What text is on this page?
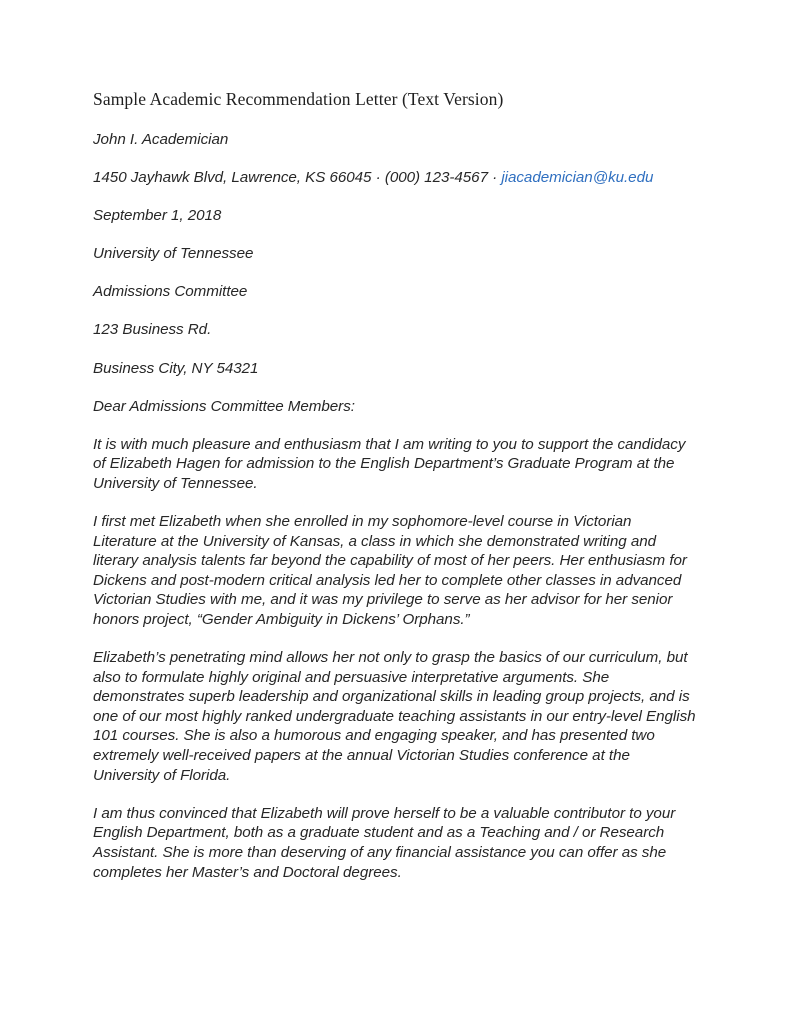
Sample Academic Recommendation Letter (Text Version)

John I. Academician

1450 Jayhawk Blvd, Lawrence, KS 66045 · (000) 123-4567 · jiacademician@ku.edu

September 1, 2018

University of Tennessee

Admissions Committee

123 Business Rd.

Business City, NY 54321

Dear Admissions Committee Members:

It is with much pleasure and enthusiasm that I am writing to you to support the candidacy of Elizabeth Hagen for admission to the English Department’s Graduate Program at the University of Tennessee.

I first met Elizabeth when she enrolled in my sophomore-level course in Victorian Literature at the University of Kansas, a class in which she demonstrated writing and literary analysis talents far beyond the capability of most of her peers. Her enthusiasm for Dickens and post-modern critical analysis led her to complete other classes in advanced Victorian Studies with me, and it was my privilege to serve as her advisor for her senior honors project, “Gender Ambiguity in Dickens’ Orphans.”

Elizabeth’s penetrating mind allows her not only to grasp the basics of our curriculum, but also to formulate highly original and persuasive interpretative arguments. She demonstrates superb leadership and organizational skills in leading group projects, and is one of our most highly ranked undergraduate teaching assistants in our entry-level English 101 courses. She is also a humorous and engaging speaker, and has presented two extremely well-received papers at the annual Victorian Studies conference at the University of Florida.

I am thus convinced that Elizabeth will prove herself to be a valuable contributor to your English Department, both as a graduate student and as a Teaching and / or Research Assistant. She is more than deserving of any financial assistance you can offer as she completes her Master’s and Doctoral degrees.
